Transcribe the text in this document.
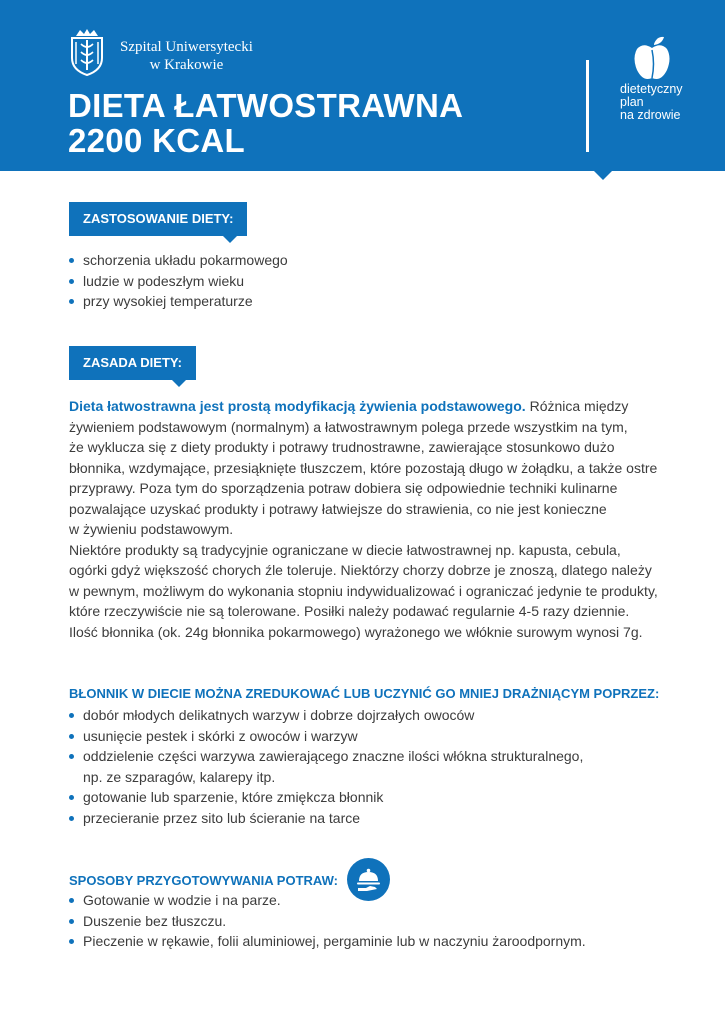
Szpital Uniwersytecki
w Krakowie
DIETA ŁATWOSTRAWNA
2200 KCAL
dietetyczny
plan
na zdrowie
ZASTOSOWANIE DIETY:
schorzenia układu pokarmowego
ludzie w podeszłym wieku
przy wysokiej temperaturze
ZASADA DIETY:

Dieta łatwostrawna jest prostą modyfikacją żywienia podstawowego. Różnica między

żywieniem podstawowym (normalnym) a łatwostrawnym polega przede wszystkim na tym,

że wyklucza się z diety produkty i potrawy trudnostrawne, zawierające stosunkowo dużo

błonnika, wzdymające, przesiąknięte tłuszczem, które pozostają długo w żołądku, a także ostre

przyprawy. Poza tym do sporządzenia potraw dobiera się odpowiednie techniki kulinarne

pozwalające uzyskać produkty i potrawy łatwiejsze do strawienia, co nie jest konieczne

w żywieniu podstawowym.

Niektóre produkty są tradycyjnie ograniczane w diecie łatwostrawnej np. kapusta, cebula,

ogórki gdyż większość chorych źle toleruje. Niektórzy chorzy dobrze je znoszą, dlatego należy

w pewnym, możliwym do wykonania stopniu indywidualizować i ograniczać jedynie te produkty,

które rzeczywiście nie są tolerowane. Posiłki należy podawać regularnie 4-5 razy dziennie.

Ilość błonnika (ok. 24g błonnika pokarmowego) wyrażonego we włóknie surowym wynosi 7g.

BŁONNIK W DIECIE MOŻNA ZREDUKOWAĆ LUB UCZYNIĆ GO MNIEJ DRAŻNIĄCYM POPRZEZ:
dobór młodych delikatnych warzyw i dobrze dojrzałych owoców
usunięcie pestek i skórki z owoców i warzyw
oddzielenie części warzywa zawierającego znaczne ilości włókna strukturalnego,
np. ze szparagów, kalarepy itp.
gotowanie lub sparzenie, które zmiękcza błonnik
przecieranie przez sito lub ścieranie na tarce
SPOSOBY PRZYGOTOWYWANIA POTRAW:
Gotowanie w wodzie i na parze.
Duszenie bez tłuszczu.
Pieczenie w rękawie, folii aluminiowej, pergaminie lub w naczyniu żaroodpornym.
